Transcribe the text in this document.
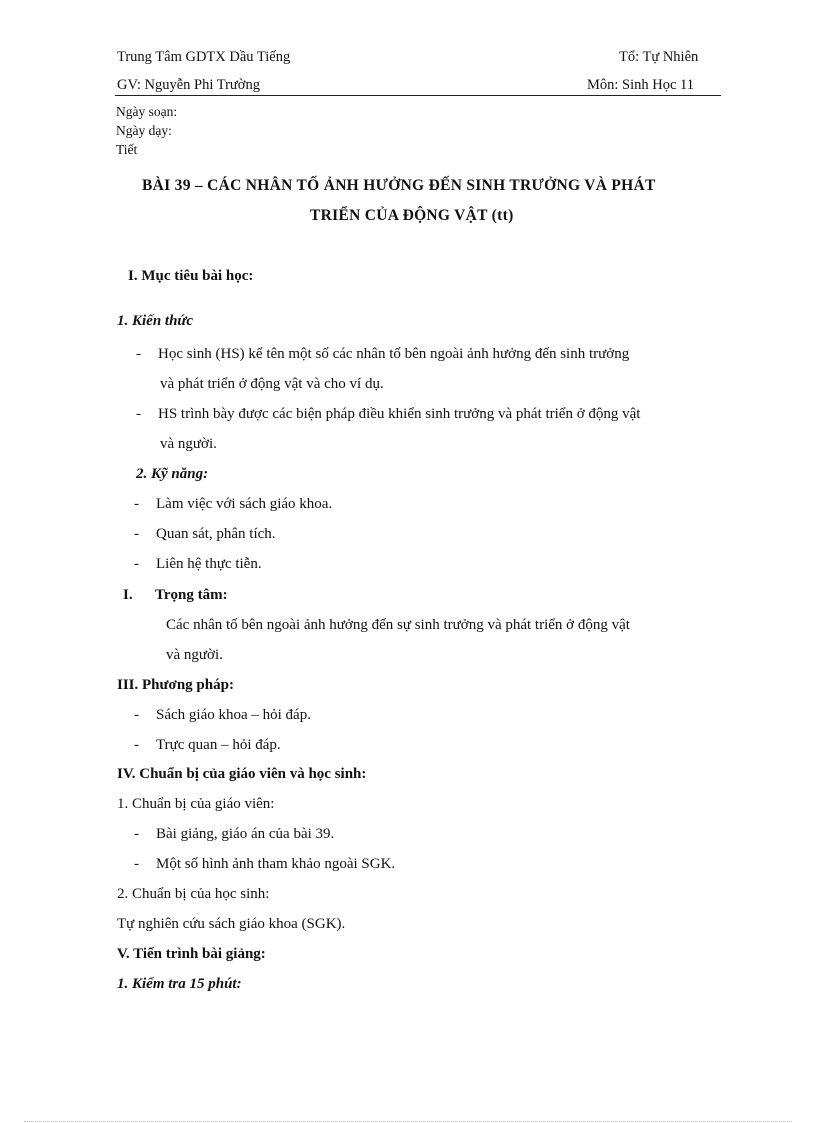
Trung Tâm GDTX Dầu Tiếng	Tổ: Tự Nhiên
GV: Nguyễn Phi Trường	Môn: Sinh Học 11
Ngày soạn:
Ngày dạy:
Tiết
BÀI 39 – CÁC NHÂN TỐ ẢNH HƯỞNG ĐẾN SINH TRƯỞNG VÀ PHÁT
TRIỂN CỦA ĐỘNG VẬT (tt)
I. Mục tiêu bài học:
1. Kiến thức
- Học sinh (HS) kể tên một số các nhân tố bên ngoài ảnh hưởng đến sinh trưởng
và phát triển ở động vật và cho ví dụ.
- HS trình bày được các biện pháp điều khiển sinh trưởng và phát triển ở động vật
và người.
2. Kỹ năng:
- Làm việc với sách giáo khoa.
- Quan sát, phân tích.
- Liên hệ thực tiễn.
I. Trọng tâm:
Các nhân tố bên ngoài ảnh hưởng đến sự sinh trưởng và phát triển ở động vật
và người.
III. Phương pháp:
- Sách giáo khoa – hỏi đáp.
- Trực quan – hỏi đáp.
IV. Chuẩn bị của giáo viên và học sinh:
1. Chuẩn bị của giáo viên:
- Bài giảng, giáo án của bài 39.
- Một số hình ảnh tham khảo ngoài SGK.
2. Chuẩn bị của học sinh:
Tự nghiên cứu sách giáo khoa (SGK).
V. Tiến trình bài giảng:
1. Kiểm tra 15 phút:
